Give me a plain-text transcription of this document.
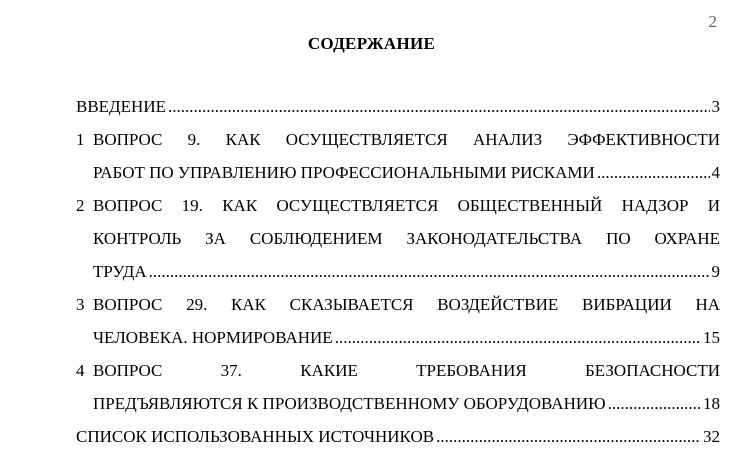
2
СОДЕРЖАНИЕ
ВВЕДЕНИЕ .....	3
1 ВОПРОС 9. КАК ОСУЩЕСТВЛЯЕТСЯ АНАЛИЗ ЭФФЕКТИВНОСТИ
РАБОТ ПО УПРАВЛЕНИЮ ПРОФЕССИОНАЛЬНЫМИ РИСКАМИ .....	4
2 ВОПРОС 19. КАК ОСУЩЕСТВЛЯЕТСЯ ОБЩЕСТВЕННЫЙ НАДЗОР И
КОНТРОЛЬ ЗА СОБЛЮДЕНИЕМ ЗАКОНОДАТЕЛЬСТВА ПО ОХРАНЕ
ТРУДА .....	9
3 ВОПРОС 29. КАК СКАЗЫВАЕТСЯ ВОЗДЕЙСТВИЕ ВИБРАЦИИ НА
ЧЕЛОВЕКА. НОРМИРОВАНИЕ .....	15
4 ВОПРОС 37. КАКИЕ ТРЕБОВАНИЯ БЕЗОПАСНОСТИ
ПРЕДЪЯВЛЯЮТСЯ К ПРОИЗВОДСТВЕННОМУ ОБОРУДОВАНИЮ .....	18
СПИСОК ИСПОЛЬЗОВАННЫХ ИСТОЧНИКОВ .....	32
